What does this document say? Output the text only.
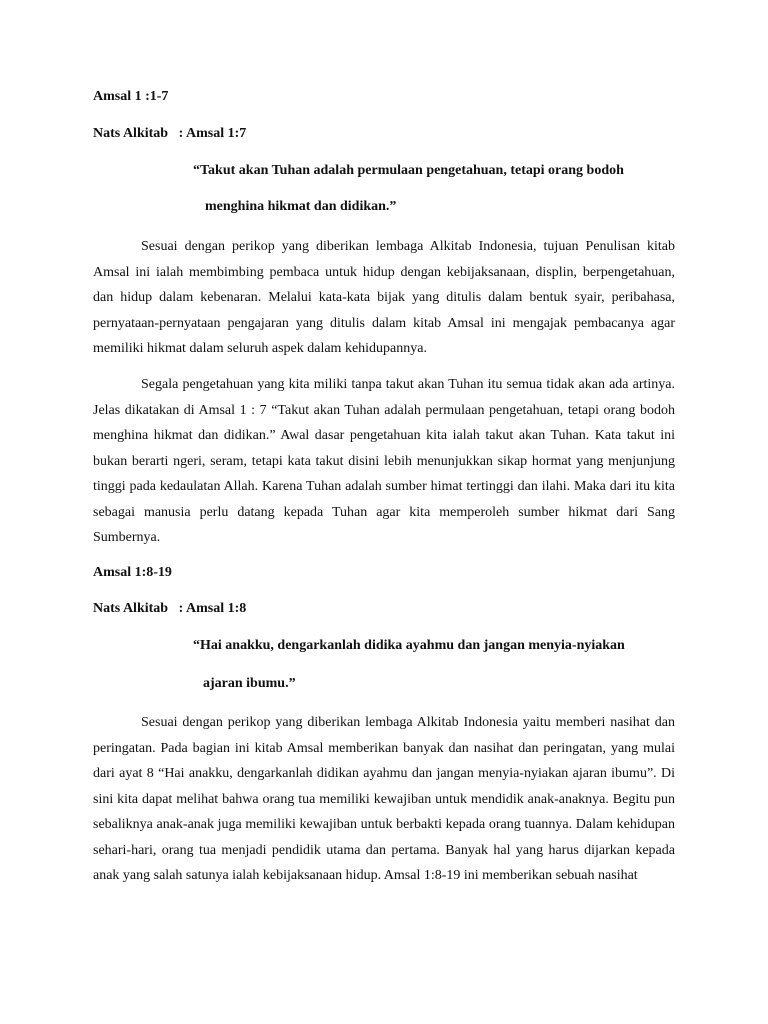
Amsal 1 :1-7
Nats Alkitab   : Amsal 1:7
“Takut akan Tuhan adalah permulaan pengetahuan, tetapi orang bodoh
menghina hikmat dan didikan.”

Sesuai dengan perikop yang diberikan lembaga Alkitab Indonesia, tujuan Penulisan kitab Amsal ini ialah membimbing pembaca untuk hidup dengan kebijaksanaan, displin, berpengetahuan, dan hidup dalam kebenaran. Melalui kata-kata bijak yang ditulis dalam bentuk syair, peribahasa, pernyataan-pernyataan pengajaran yang ditulis dalam kitab Amsal ini mengajak pembacanya agar memiliki hikmat dalam seluruh aspek dalam kehidupannya.

Segala pengetahuan yang kita miliki tanpa takut akan Tuhan itu semua tidak akan ada artinya. Jelas dikatakan di Amsal 1 : 7 “Takut akan Tuhan adalah permulaan pengetahuan, tetapi orang bodoh menghina hikmat dan didikan.” Awal dasar pengetahuan kita ialah takut akan Tuhan. Kata takut ini bukan berarti ngeri, seram, tetapi kata takut disini lebih menunjukkan sikap hormat yang menjunjung tinggi pada kedaulatan Allah. Karena Tuhan adalah sumber himat tertinggi dan ilahi. Maka dari itu kita sebagai manusia perlu datang kepada Tuhan agar kita memperoleh sumber hikmat dari Sang Sumbernya.

Amsal 1:8-19
Nats Alkitab   : Amsal 1:8
“Hai anakku, dengarkanlah didika ayahmu dan jangan menyia-nyiakan
ajaran ibumu.”

Sesuai dengan perikop yang diberikan lembaga Alkitab Indonesia yaitu memberi nasihat dan peringatan. Pada bagian ini kitab Amsal memberikan banyak dan nasihat dan peringatan, yang mulai dari ayat 8 “Hai anakku, dengarkanlah didikan ayahmu dan jangan menyia-nyiakan ajaran ibumu”. Di sini kita dapat melihat bahwa orang tua memiliki kewajiban untuk mendidik anak-anaknya. Begitu pun sebaliknya anak-anak juga memiliki kewajiban untuk berbakti kepada orang tuannya. Dalam kehidupan sehari-hari, orang tua menjadi pendidik utama dan pertama. Banyak hal yang harus dijarkan kepada anak yang salah satunya ialah kebijaksanaan hidup. Amsal 1:8-19 ini memberikan sebuah nasihat
